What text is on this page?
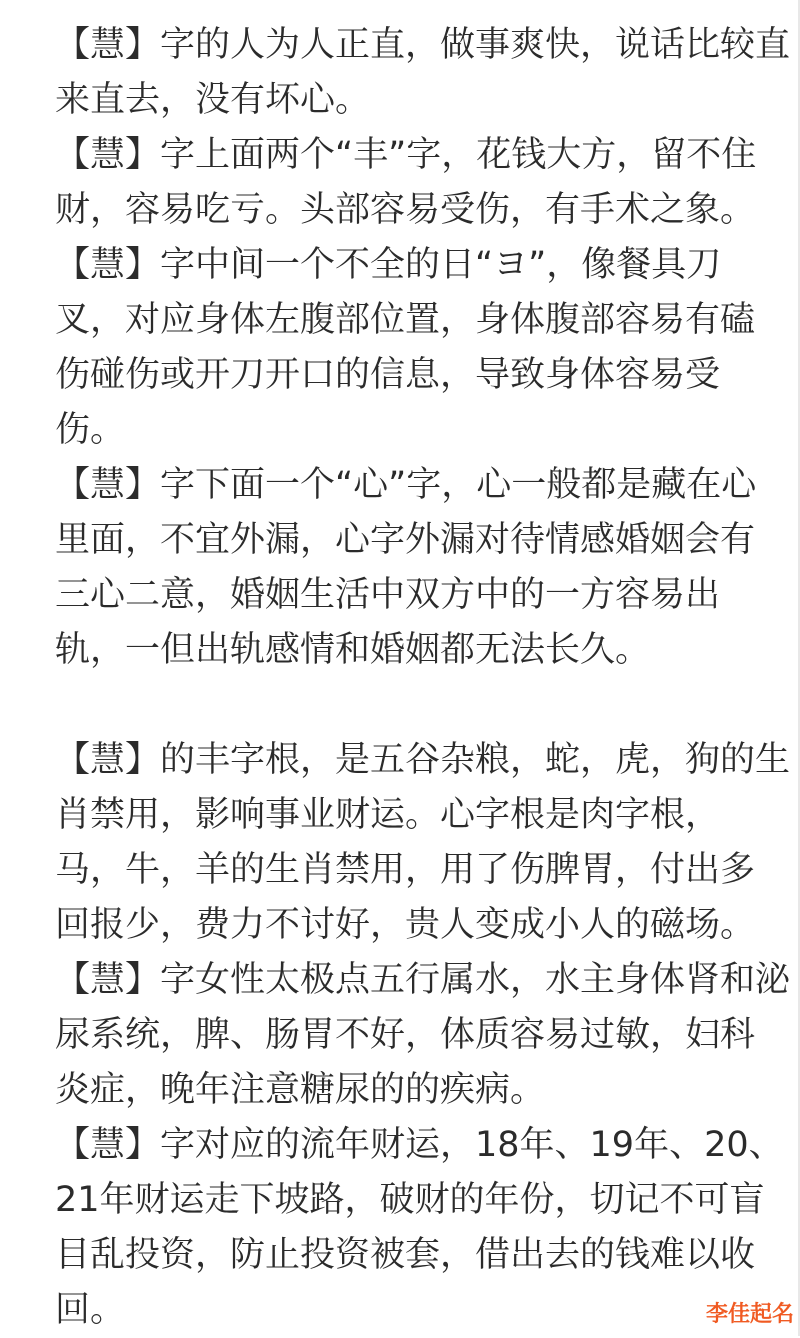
【慧】字的人为人正直，做事爽快，说话比较直
来直去，没有坏心。
【慧】字上面两个“丰”字，花钱大方，留不住
财，容易吃亏。头部容易受伤，有手术之象。
【慧】字中间一个不全的日“ヨ”，像餐具刀
叉，对应身体左腹部位置，身体腹部容易有磕
伤碰伤或开刀开口的信息，导致身体容易受
伤。
【慧】字下面一个“心”字，心一般都是藏在心
里面，不宜外漏，心字外漏对待情感婚姻会有
三心二意，婚姻生活中双方中的一方容易出
轨，一但出轨感情和婚姻都无法长久。
【慧】的丰字根，是五谷杂粮，蛇，虎，狗的生
肖禁用，影响事业财运。心字根是肉字根，
马，牛，羊的生肖禁用，用了伤脾胃，付出多
回报少，费力不讨好，贵人变成小人的磁场。
【慧】字女性太极点五行属水，水主身体肾和泌
尿系统，脾、肠胃不好，体质容易过敏，妇科
炎症，晚年注意糖尿的的疾病。
【慧】字对应的流年财运，18年、19年、20、
21年财运走下坡路，破财的年份，切记不可盲
目乱投资，防止投资被套，借出去的钱难以收
回。	李佳起名
